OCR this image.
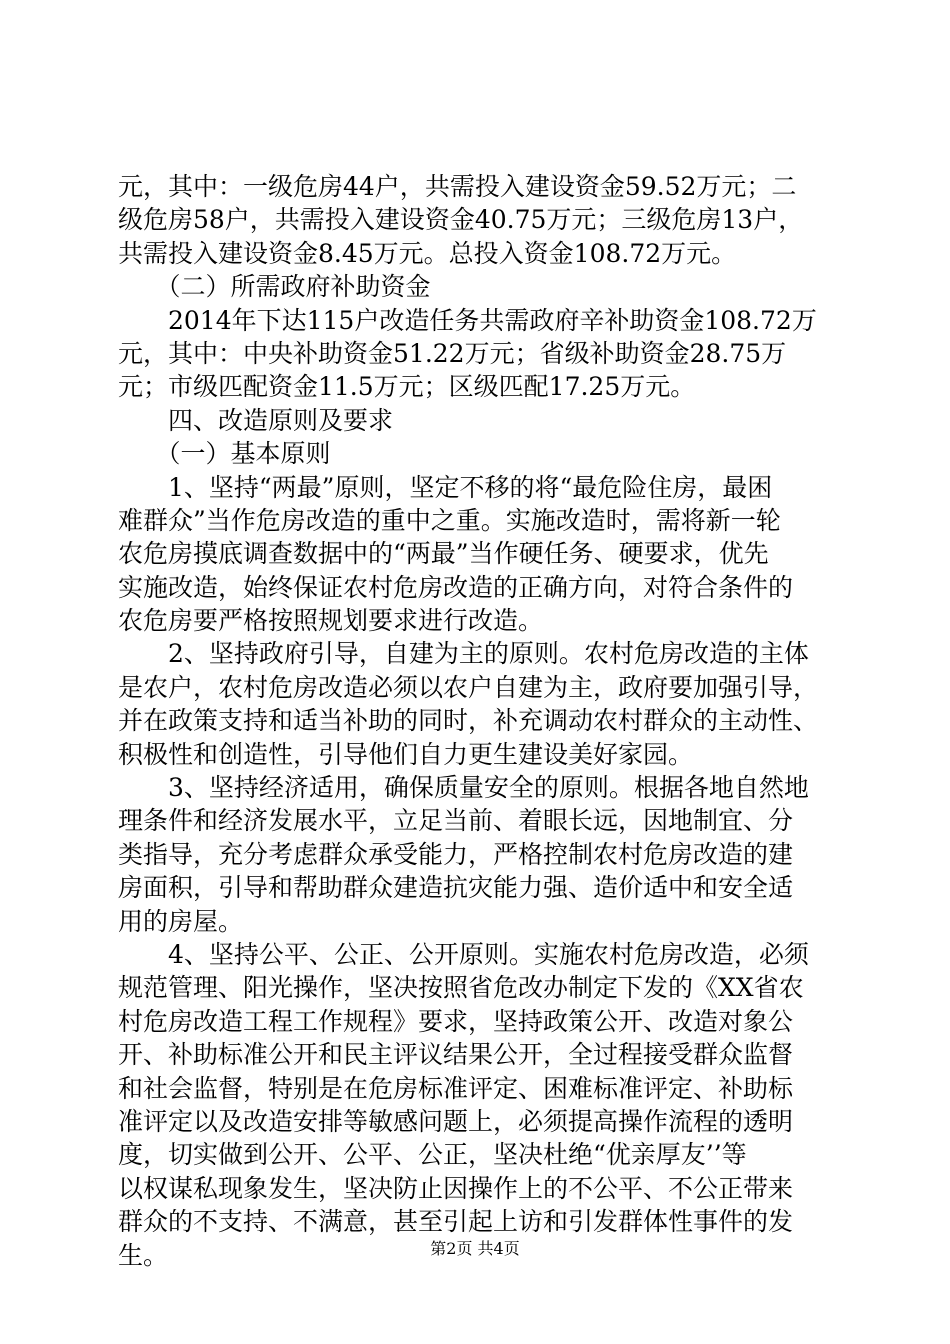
元，其中：一级危房44户，共需投入建设资金59.52万元；二
级危房58户，共需投入建设资金40.75万元；三级危房13户，
共需投入建设资金8.45万元。总投入资金108.72万元。
　　（二）所需政府补助资金
　　2014年下达115户改造任务共需政府辛补助资金108.72万
元，其中：中央补助资金51.22万元；省级补助资金28.75万
元；市级匹配资金11.5万元；区级匹配17.25万元。
　　四、改造原则及要求
　　（一）基本原则
　　1、坚持“两最”原则，坚定不移的将“最危险住房，最困
难群众”当作危房改造的重中之重。实施改造时，需将新一轮
农危房摸底调查数据中的“两最”当作硬任务、硬要求，优先
实施改造，始终保证农村危房改造的正确方向，对符合条件的
农危房要严格按照规划要求进行改造。
　　2、坚持政府引导，自建为主的原则。农村危房改造的主体
是农户，农村危房改造必须以农户自建为主，政府要加强引导，
并在政策支持和适当补助的同时，补充调动农村群众的主动性、
积极性和创造性，引导他们自力更生建设美好家园。
　　3、坚持经济适用，确保质量安全的原则。根据各地自然地
理条件和经济发展水平，立足当前、着眼长远，因地制宜、分
类指导，充分考虑群众承受能力，严格控制农村危房改造的建
房面积，引导和帮助群众建造抗灾能力强、造价适中和安全适
用的房屋。
　　4、坚持公平、公正、公开原则。实施农村危房改造，必须
规范管理、阳光操作，坚决按照省危改办制定下发的《XX省农
村危房改造工程工作规程》要求，坚持政策公开、改造对象公
开、补助标准公开和民主评议结果公开，全过程接受群众监督
和社会监督，特别是在危房标准评定、困难标准评定、补助标
准评定以及改造安排等敏感问题上，必须提高操作流程的透明
度，切实做到公开、公平、公正，坚决杜绝“优亲厚友’’等
以权谋私现象发生，坚决防止因操作上的不公平、不公正带来
群众的不支持、不满意，甚至引起上访和引发群体性事件的发
生。	第2页 共4页
